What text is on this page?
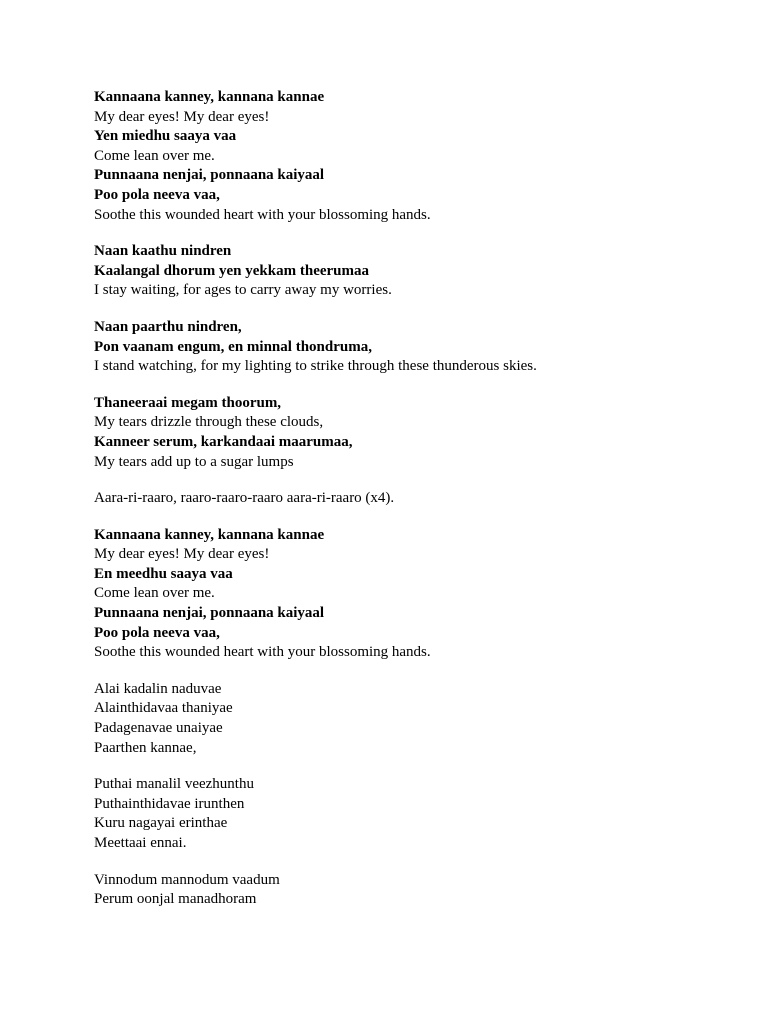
Kannaana kanney, kannana kannae
My dear eyes! My dear eyes!
Yen miedhu saaya vaa
Come lean over me.
Punnaana nenjai, ponnaana kaiyaal
Poo pola neeva vaa,
Soothe this wounded heart with your blossoming hands.
Naan kaathu nindren
Kaalangal dhorum yen yekkam theerumaa
I stay waiting, for ages to carry away my worries.
Naan paarthu nindren,
Pon vaanam engum, en minnal thondruma,
I stand watching, for my lighting to strike through these thunderous skies.
Thaneeraai megam thoorum,
My tears drizzle through these clouds,
Kanneer serum, karkandaai maarumaa,
My tears add up to a sugar lumps
Aara-ri-raaro, raaro-raaro-raaro aara-ri-raaro (x4).
Kannaana kanney, kannana kannae
My dear eyes! My dear eyes!
En meedhu saaya vaa
Come lean over me.
Punnaana nenjai, ponnaana kaiyaal
Poo pola neeva vaa,
Soothe this wounded heart with your blossoming hands.
Alai kadalin naduvae
Alainthidavaa thaniyae
Padagenavae unaiyae
Paarthen kannae,
Puthai manalil veezhunthu
Puthainthidavae irunthen
Kuru nagayai erinthae
Meettaai ennai.
Vinnodum mannodum vaadum
Perum oonjal manadhoram
